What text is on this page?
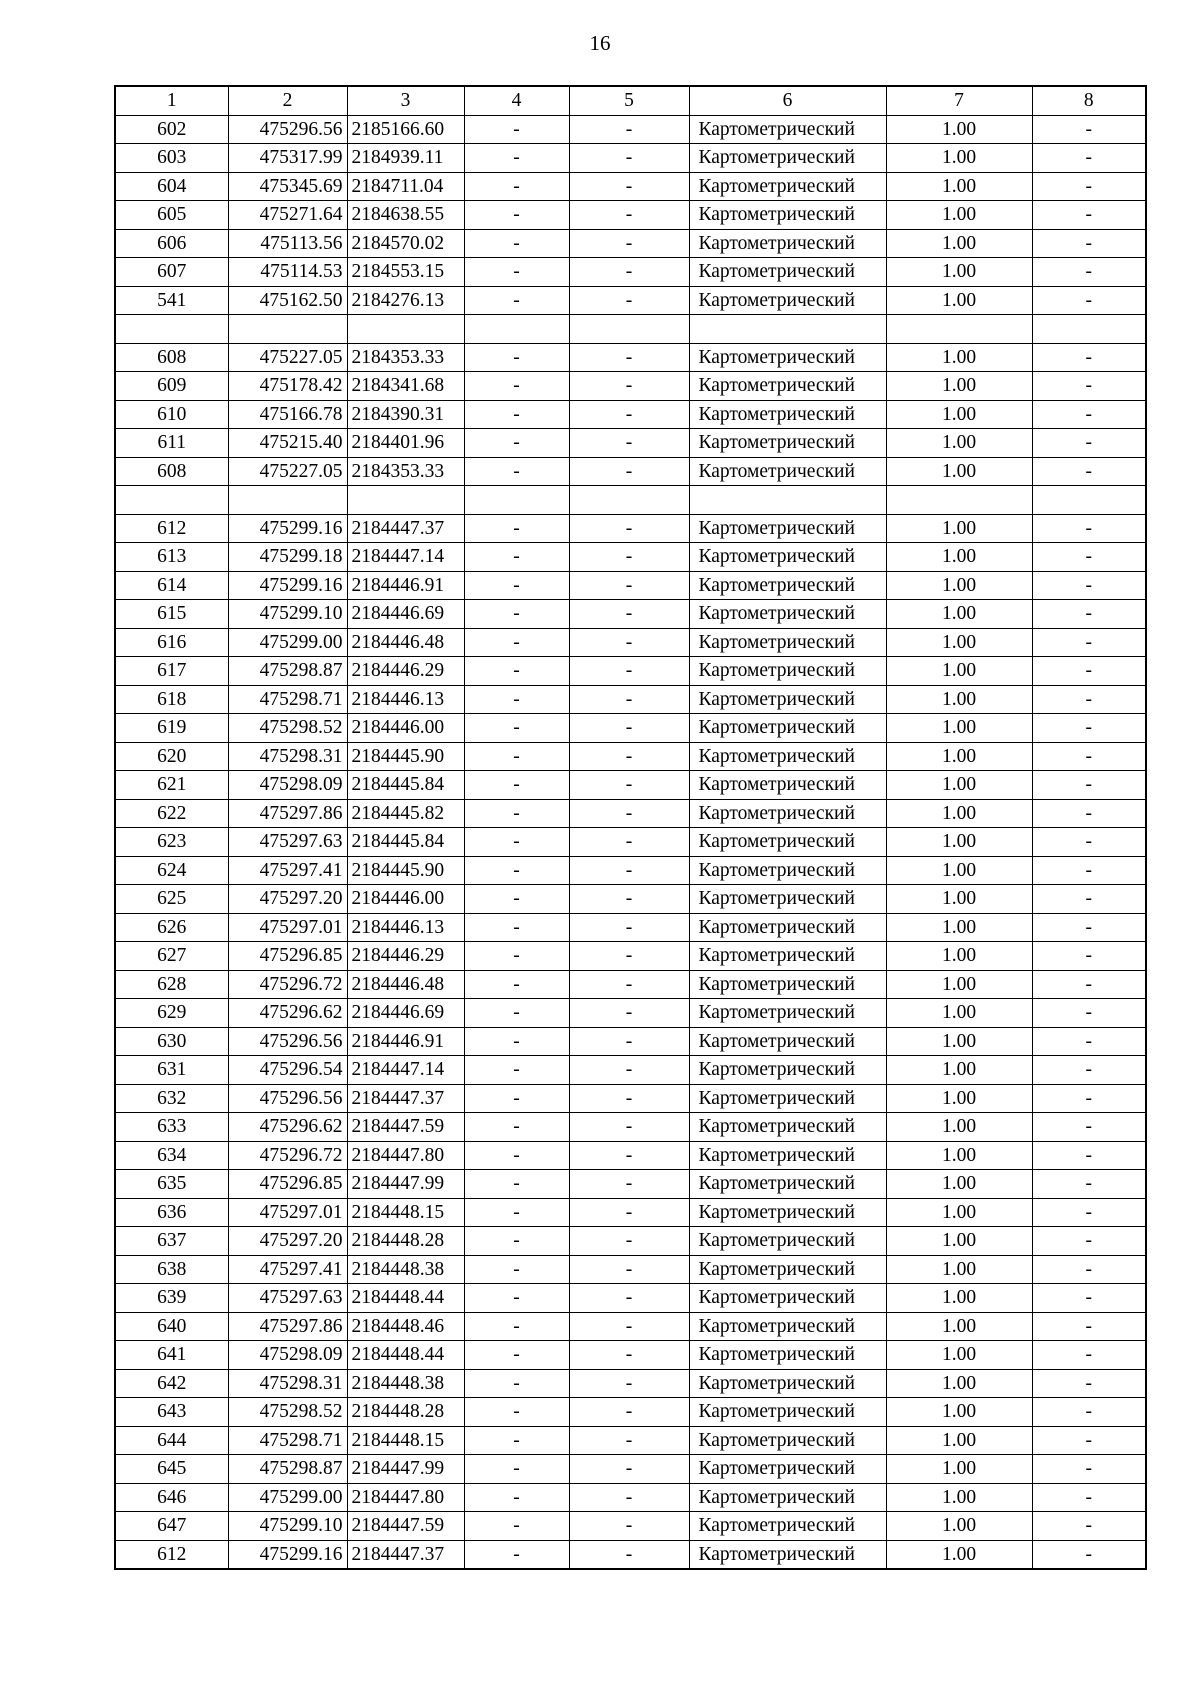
16
1	2	3	4	5	6	7	8
602	475296.56	2185166.60	-	-	Картометрический	1.00	-
603	475317.99	2184939.11	-	-	Картометрический	1.00	-
604	475345.69	2184711.04	-	-	Картометрический	1.00	-
605	475271.64	2184638.55	-	-	Картометрический	1.00	-
606	475113.56	2184570.02	-	-	Картометрический	1.00	-
607	475114.53	2184553.15	-	-	Картометрический	1.00	-
541	475162.50	2184276.13	-	-	Картометрический	1.00	-

608	475227.05	2184353.33	-	-	Картометрический	1.00	-
609	475178.42	2184341.68	-	-	Картометрический	1.00	-
610	475166.78	2184390.31	-	-	Картометрический	1.00	-
611	475215.40	2184401.96	-	-	Картометрический	1.00	-
608	475227.05	2184353.33	-	-	Картометрический	1.00	-

612	475299.16	2184447.37	-	-	Картометрический	1.00	-
613	475299.18	2184447.14	-	-	Картометрический	1.00	-
614	475299.16	2184446.91	-	-	Картометрический	1.00	-
615	475299.10	2184446.69	-	-	Картометрический	1.00	-
616	475299.00	2184446.48	-	-	Картометрический	1.00	-
617	475298.87	2184446.29	-	-	Картометрический	1.00	-
618	475298.71	2184446.13	-	-	Картометрический	1.00	-
619	475298.52	2184446.00	-	-	Картометрический	1.00	-
620	475298.31	2184445.90	-	-	Картометрический	1.00	-
621	475298.09	2184445.84	-	-	Картометрический	1.00	-
622	475297.86	2184445.82	-	-	Картометрический	1.00	-
623	475297.63	2184445.84	-	-	Картометрический	1.00	-
624	475297.41	2184445.90	-	-	Картометрический	1.00	-
625	475297.20	2184446.00	-	-	Картометрический	1.00	-
626	475297.01	2184446.13	-	-	Картометрический	1.00	-
627	475296.85	2184446.29	-	-	Картометрический	1.00	-
628	475296.72	2184446.48	-	-	Картометрический	1.00	-
629	475296.62	2184446.69	-	-	Картометрический	1.00	-
630	475296.56	2184446.91	-	-	Картометрический	1.00	-
631	475296.54	2184447.14	-	-	Картометрический	1.00	-
632	475296.56	2184447.37	-	-	Картометрический	1.00	-
633	475296.62	2184447.59	-	-	Картометрический	1.00	-
634	475296.72	2184447.80	-	-	Картометрический	1.00	-
635	475296.85	2184447.99	-	-	Картометрический	1.00	-
636	475297.01	2184448.15	-	-	Картометрический	1.00	-
637	475297.20	2184448.28	-	-	Картометрический	1.00	-
638	475297.41	2184448.38	-	-	Картометрический	1.00	-
639	475297.63	2184448.44	-	-	Картометрический	1.00	-
640	475297.86	2184448.46	-	-	Картометрический	1.00	-
641	475298.09	2184448.44	-	-	Картометрический	1.00	-
642	475298.31	2184448.38	-	-	Картометрический	1.00	-
643	475298.52	2184448.28	-	-	Картометрический	1.00	-
644	475298.71	2184448.15	-	-	Картометрический	1.00	-
645	475298.87	2184447.99	-	-	Картометрический	1.00	-
646	475299.00	2184447.80	-	-	Картометрический	1.00	-
647	475299.10	2184447.59	-	-	Картометрический	1.00	-
612	475299.16	2184447.37	-	-	Картометрический	1.00	-
